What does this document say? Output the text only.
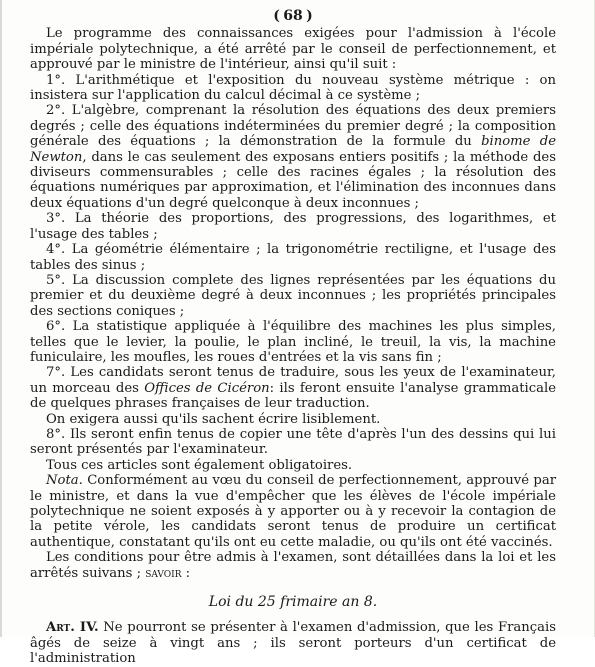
( 68 )

Le programme des connaissances exigées pour l'admission à l'école impériale polytechnique, a été arrêté par le conseil de perfectionnement, et approuvé par le ministre de l'intérieur, ainsi qu'il suit :

1°. L'arithmétique et l'exposition du nouveau système métrique : on insistera sur l'application du calcul décimal à ce système ;

2°. L'algèbre, comprenant la résolution des équations des deux premiers degrés ; celle des équations indéterminées du premier degré ; la composition générale des équations ; la démonstration de la formule du binome de Newton, dans le cas seulement des exposans entiers positifs ; la méthode des diviseurs commensurables ; celle des racines égales ; la résolution des équations numériques par approximation, et l'élimination des inconnues dans deux équations d'un degré quelconque à deux inconnues ;

3°. La théorie des proportions, des progressions, des logarithmes, et l'usage des tables ;

4°. La géométrie élémentaire ; la trigonométrie rectiligne, et l'usage des tables des sinus ;

5°. La discussion complete des lignes représentées par les équations du premier et du deuxième degré à deux inconnues ; les propriétés principales des sections coniques ;

6°. La statistique appliquée à l'équilibre des machines les plus simples, telles que le levier, la poulie, le plan incliné, le treuil, la vis, la machine funiculaire, les moufles, les roues d'entrées et la vis sans fin ;

7°. Les candidats seront tenus de traduire, sous les yeux de l'examinateur, un morceau des Offices de Cicéron: ils feront ensuite l'analyse grammaticale de quelques phrases françaises de leur traduction.

On exigera aussi qu'ils sachent écrire lisiblement.

8°. Ils seront enfin tenus de copier une tête d'après l'un des dessins qui lui seront présentés par l'examinateur.

Tous ces articles sont également obligatoires.

Nota. Conformément au vœu du conseil de perfectionnement, approuvé par le ministre, et dans la vue d'empêcher que les élèves de l'école impériale polytechnique ne soient exposés à y apporter ou à y recevoir la contagion de la petite vérole, les candidats seront tenus de produire un certificat authentique, constatant qu'ils ont eu cette maladie, ou qu'ils ont été vaccinés.

Les conditions pour être admis à l'examen, sont détaillées dans la loi et les arrêtés suivans ; savoir :

Loi du 25 frimaire an 8.

Art. IV. Ne pourront se présenter à l'examen d'admission, que les Français âgés de seize à vingt ans ; ils seront porteurs d'un certificat de l'administration
